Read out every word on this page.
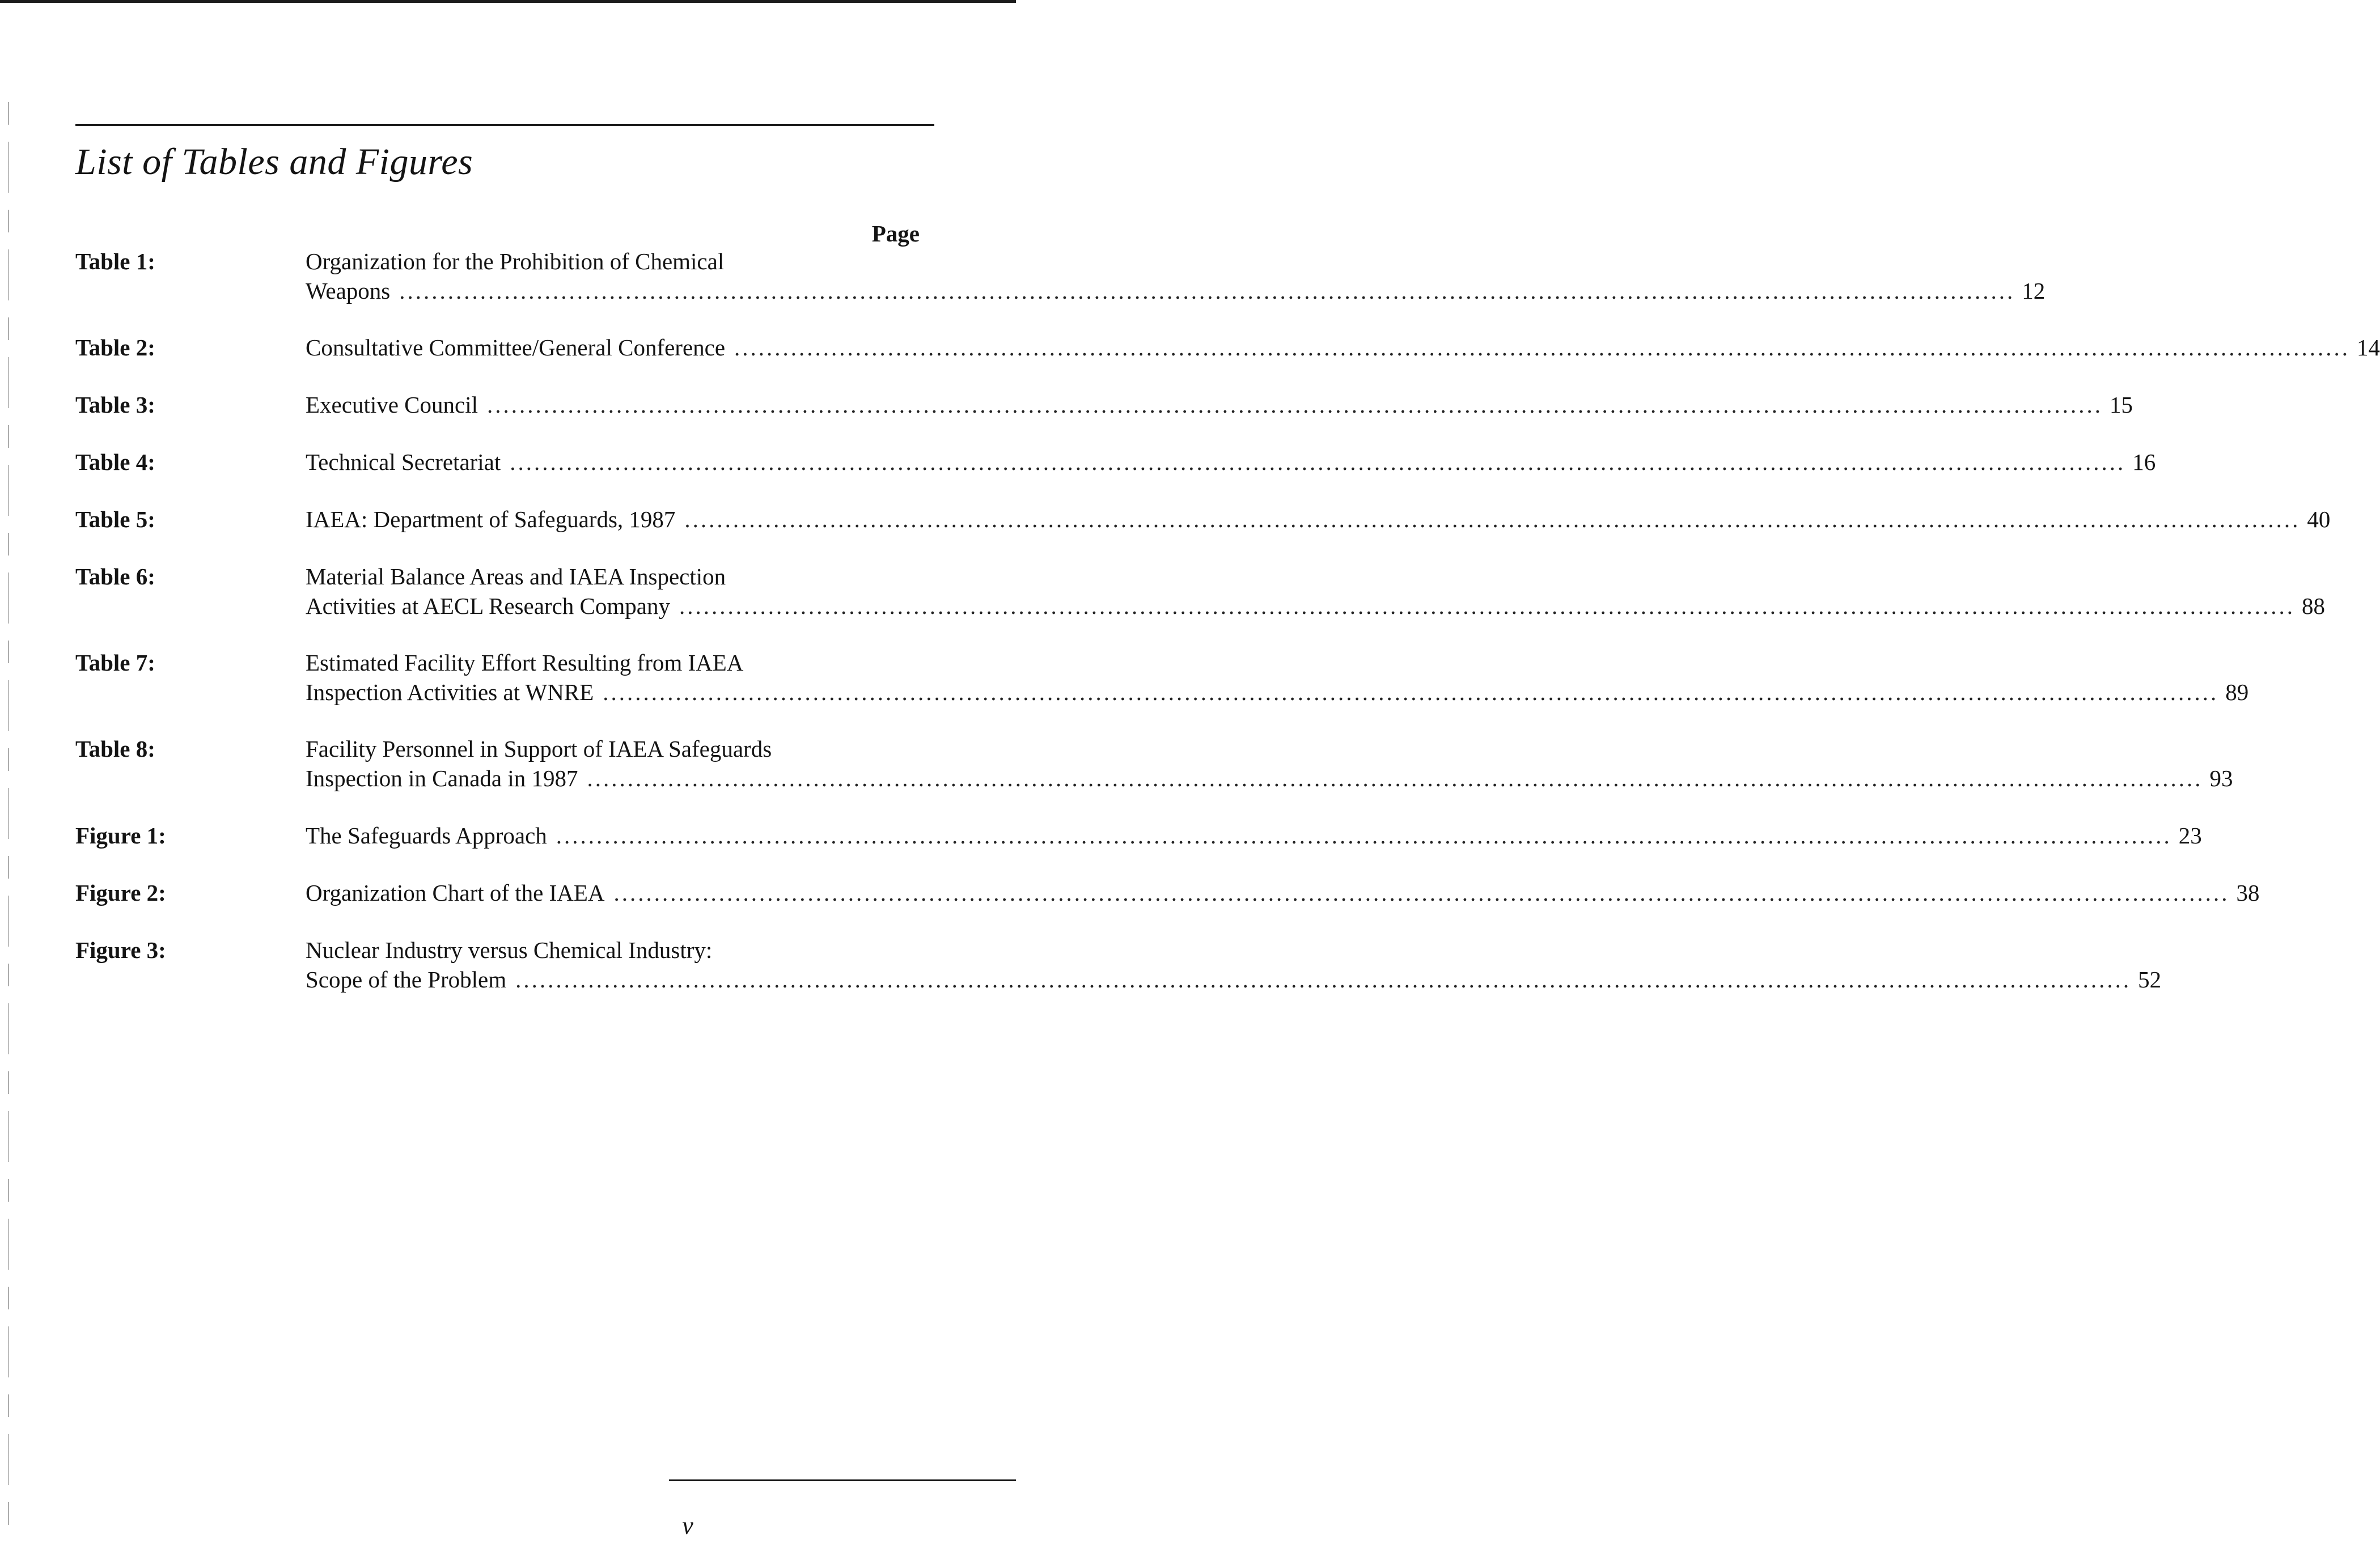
List of Tables and Figures
Page
Table 1:	Organization for the Prohibition of Chemical
Weapons ........................................................................................................................................................................................................ 12
Table 2:	Consultative Committee/General Conference ........................................................................................................................................................................................................ 14
Table 3:	Executive Council ........................................................................................................................................................................................................ 15
Table 4:	Technical Secretariat ........................................................................................................................................................................................................ 16
Table 5:	IAEA: Department of Safeguards, 1987 ........................................................................................................................................................................................................ 40
Table 6:	Material Balance Areas and IAEA Inspection
Activities at AECL Research Company ........................................................................................................................................................................................................ 88
Table 7:	Estimated Facility Effort Resulting from IAEA
Inspection Activities at WNRE ........................................................................................................................................................................................................ 89
Table 8:	Facility Personnel in Support of IAEA Safeguards
Inspection in Canada in 1987 ........................................................................................................................................................................................................ 93
Figure 1:	The Safeguards Approach ........................................................................................................................................................................................................ 23
Figure 2:	Organization Chart of the IAEA ........................................................................................................................................................................................................ 38
Figure 3:	Nuclear Industry versus Chemical Industry:
Scope of the Problem ........................................................................................................................................................................................................ 52
v
